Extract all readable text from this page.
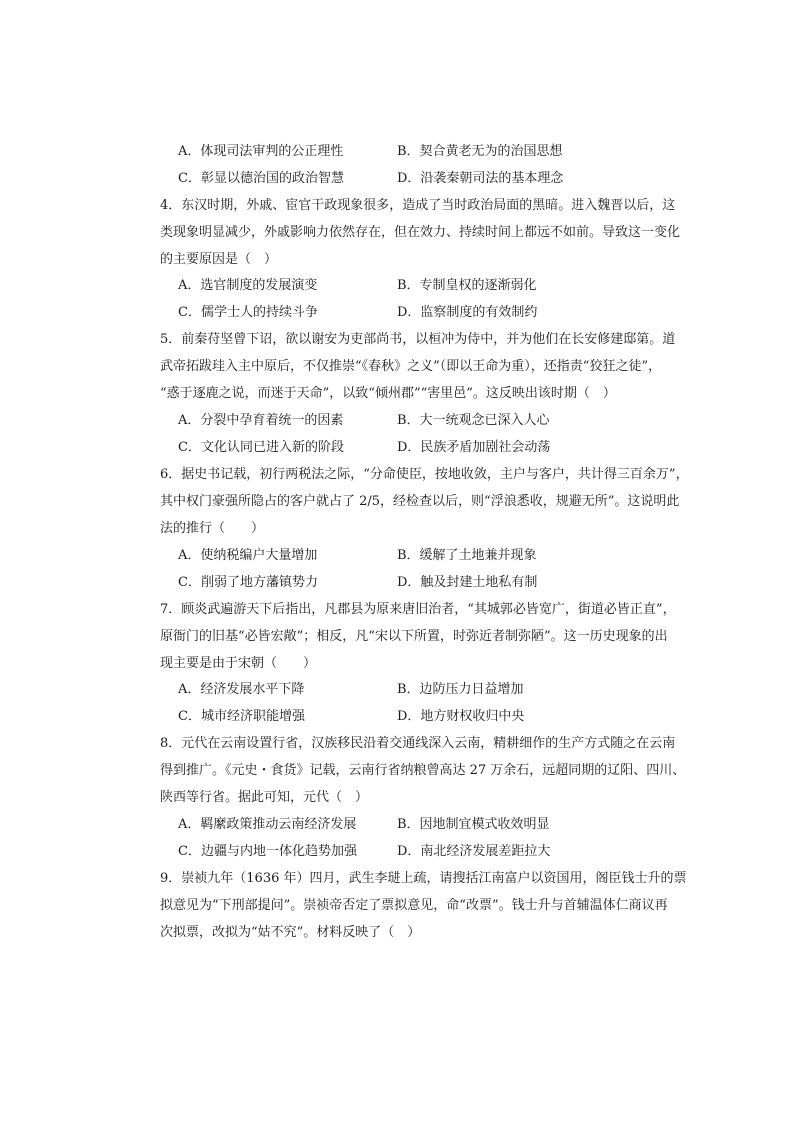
A．体现司法审判的公正理性	B．契合黄老无为的治国思想
C．彰显以德治国的政治智慧	D．沿袭秦朝司法的基本理念
4．东汉时期，外戚、宦官干政现象很多，造成了当时政治局面的黑暗。进入魏晋以后，这
类现象明显减少，外戚影响力依然存在，但在效力、持续时间上都远不如前。导致这一变化
的主要原因是（　）
A．选官制度的发展演变	B．专制皇权的逐渐弱化
C．儒学士人的持续斗争	D．监察制度的有效制约
5．前秦苻坚曾下诏，欲以谢安为吏部尚书，以桓冲为侍中，并为他们在长安修建邸第。道
武帝拓跋珪入主中原后，不仅推崇“《春秋》之义”（即以王命为重），还指责“狡狂之徒”，
“惑于逐鹿之说，而迷于天命”，以致“倾州郡”“害里邑”。这反映出该时期（　）
A．分裂中孕育着统一的因素	B．大一统观念已深入人心
C．文化认同已进入新的阶段	D．民族矛盾加剧社会动荡
6．据史书记载，初行两税法之际，“分命使臣，按地收敛，主户与客户，共计得三百余万”，
其中权门豪强所隐占的客户就占了 2/5，经检查以后，则“浮浪悉收，规避无所”。这说明此
法的推行（　　）
A．使纳税编户大量增加	B．缓解了土地兼并现象
C．削弱了地方藩镇势力	D．触及封建土地私有制
7．顾炎武遍游天下后指出，凡郡县为原来唐旧治者，“其城郭必皆宽广，街道必皆正直”，
原衙门的旧基“必皆宏敞”；相反，凡“宋以下所置，时弥近者制弥陋”。这一历史现象的出
现主要是由于宋朝（　　）
A．经济发展水平下降	B．边防压力日益增加
C．城市经济职能增强	D．地方财权收归中央
8．元代在云南设置行省，汉族移民沿着交通线深入云南，精耕细作的生产方式随之在云南
得到推广。《元史・食货》记载，云南行省纳粮曾高达 27 万余石，远超同期的辽阳、四川、
陕西等行省。据此可知，元代（　）
A．羁縻政策推动云南经济发展	B．因地制宜模式收效明显
C．边疆与内地一体化趋势加强	D．南北经济发展差距拉大
9．崇祯九年（1636 年）四月，武生李琎上疏，请搜括江南富户以资国用，阁臣钱士升的票
拟意见为“下刑部提问”。崇祯帝否定了票拟意见，命“改票”。钱士升与首辅温体仁商议再
次拟票，改拟为“姑不究”。材料反映了（　）
